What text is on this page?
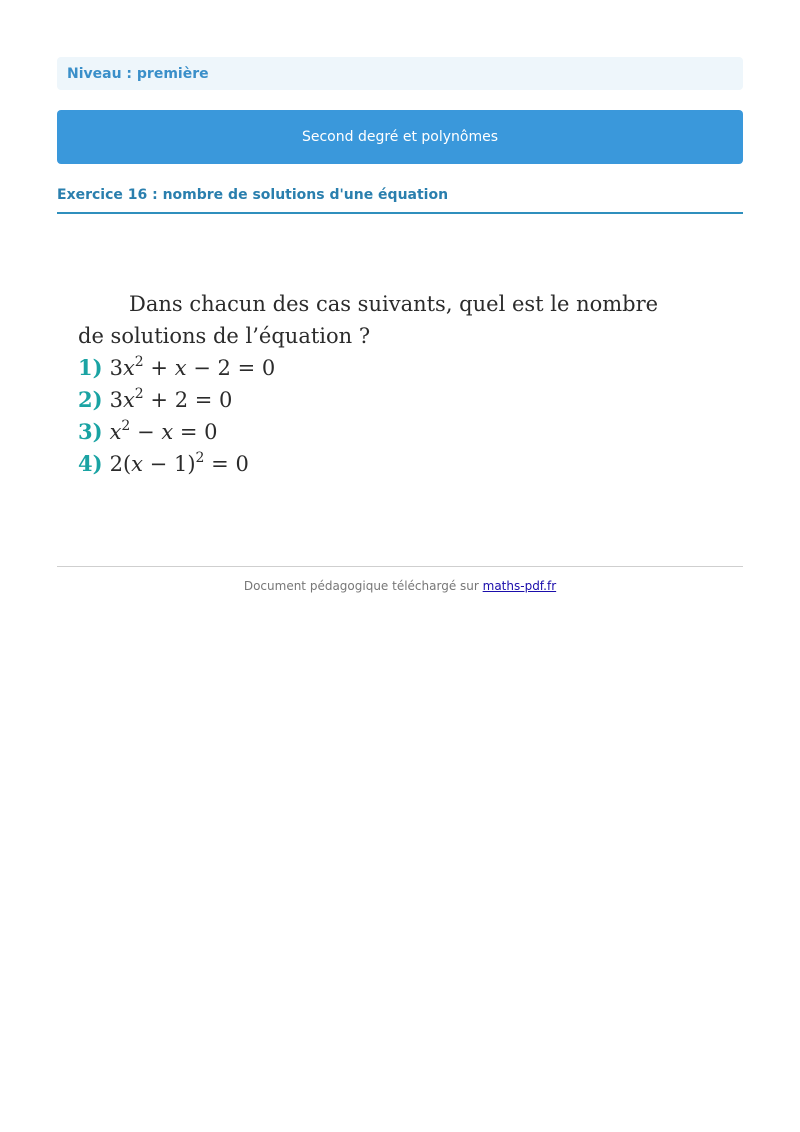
Niveau : première
Second degré et polynômes
Exercice 16 : nombre de solutions d'une équation
Dans chacun des cas suivants, quel est le nombre
de solutions de l’équation ?
1) $3x^2 + x - 2 = 0$
2) $3x^2 + 2 = 0$
3) $x^2 - x = 0$
4) $2(x - 1)^2 = 0$
Document pédagogique téléchargé sur maths-pdf.fr
